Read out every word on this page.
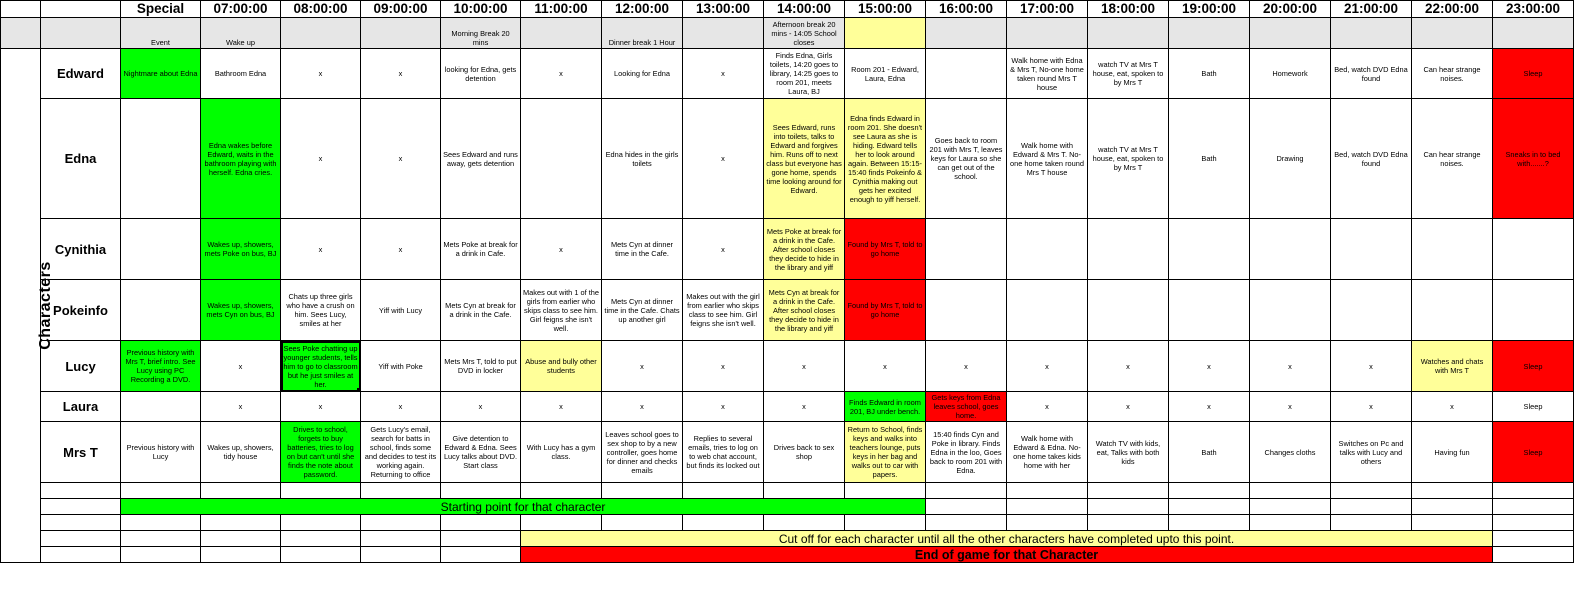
		Special	07:00:00	08:00:00	09:00:00	10:00:00	11:00:00	12:00:00	13:00:00	14:00:00	15:00:00	16:00:00	17:00:00	18:00:00	19:00:00	20:00:00	21:00:00	22:00:00	23:00:00
		Event	Wake up			Morning Break 20 mins		Dinner break 1 Hour		Afternoon break 20 mins - 14:05 School closes									
Characters	Edward	Nightmare about Edna	Bathroom Edna	x	x	looking for Edna, gets detention	x	Looking for Edna	x	Finds Edna, Girls toilets, 14:20 goes to library, 14:25 goes to room 201, meets Laura, BJ	Room 201 - Edward, Laura, Edna		Walk home with Edna & Mrs T, No-one home taken round Mrs T house	watch TV at Mrs T house, eat, spoken to by Mrs T	Bath	Homework	Bed, watch DVD Edna found	Can hear strange noises.	Sleep
	Edna		Edna wakes before Edward, waits in the bathroom playing with herself. Edna cries.	x	x	Sees Edward and runs away, gets detention		Edna hides in the girls toilets	x	Sees Edward, runs into toilets, talks to Edward and forgives him. Runs off to next class but everyone has gone home, spends time looking around for Edward.	Edna finds Edward in room 201. She doesn't see Laura as she is hiding. Edward tells her to look around again. Between 15:15-15:40 finds Pokeinfo & Cynithia making out gets her excited enough to yiff herself.	Goes back to room 201 with Mrs T, leaves keys for Laura so she can get out of the school.	Walk home with Edward & Mrs T. No-one home taken round Mrs T house	watch TV at Mrs T house, eat, spoken to by Mrs T	Bath	Drawing	Bed, watch DVD Edna found	Can hear strange noises.	Sneaks in to bed with.......?
	Cynithia		Wakes up, showers, mets Poke on bus, BJ	x	x	Mets Poke at break for a drink in Cafe.	x	Mets Cyn at dinner time in the Cafe.	x	Mets Poke at break for a drink in the Cafe. After school closes they decide to hide in the library and yiff	Found by Mrs T, told to go home								
	Pokeinfo		Wakes up, showers, mets Cyn on bus, BJ	Chats up three girls who have a crush on him. Sees Lucy, smiles at her	Yiff with Lucy	Mets Cyn at break for a drink in the Cafe.	Makes out with 1 of the girls from earlier who skips class to see him. Girl feigns she isn't well.	Mets Cyn at dinner time in the Cafe. Chats up another girl	Makes out with the girl from earlier who skips class to see him. Girl feigns she isn't well.	Mets Cyn at break for a drink in the Cafe. After school closes they decide to hide in the library and yiff	Found by Mrs T, told to go home								
	Lucy	Previous history with Mrs T, brief intro. See Lucy using PC Recording a DVD.	x	Sees Poke chatting up younger students, tells him to go to classroom but he just smiles at her.	Yiff with Poke	Mets Mrs T, told to put DVD in locker	Abuse and bully other students	x	x	x	x	x	x	x	x	x	x	Watches and chats with Mrs T	Sleep
	Laura		x	x	x	x	x	x	x	x	Finds Edward in room 201, BJ under bench.	Gets keys from Edna leaves school, goes home.	x	x	x	x	x	x	Sleep
	Mrs T	Previous history with Lucy	Wakes up, showers, tidy house	Drives to school, forgets to buy batteries, tries to log on but can't until she finds the note about password.	Gets Lucy's email, search for batts in school, finds some and decides to test its working again. Returning to office	Give detention to Edward & Edna. Sees Lucy talks about DVD. Start class	With Lucy has a gym class.	Leaves school goes to sex shop to by a new controller, goes home for dinner and checks emails	Replies to several emails, tries to log on to web chat account, but finds its locked out	Drives back to sex shop	Return to School, finds keys and walks into teachers lounge, puts keys in her bag and walks out to car with papers.	15:40 finds Cyn and Poke in library. Finds Edna in the loo, Goes back to room 201 with Edna.	Walk home with Edward & Edna. No-one home takes kids home with her	Watch TV with kids, eat, Talks with both kids	Bath	Changes cloths	Switches on Pc and talks with Lucy and others	Having fun	Sleep

		Starting point for that character																	

							Cut off for each character until all the other characters have completed upto this point.												
							End of game for that Character												
